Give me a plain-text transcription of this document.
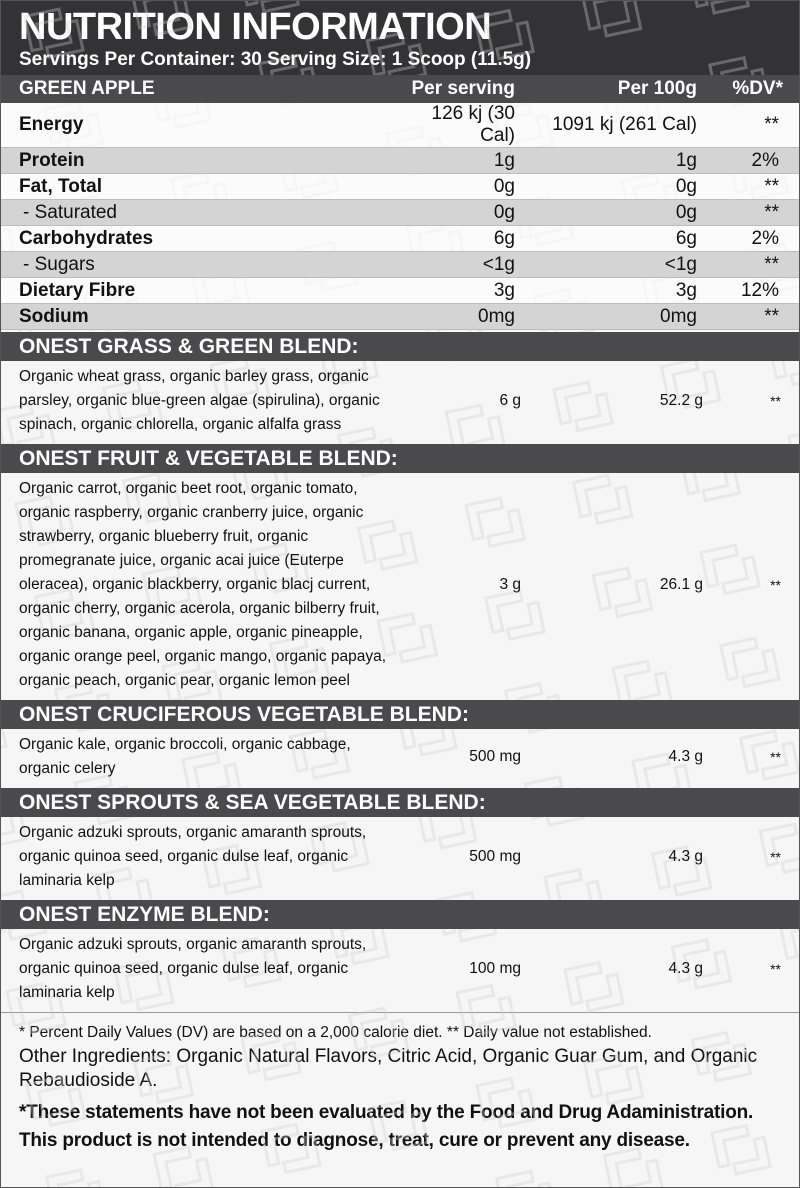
NUTRITION INFORMATION
Servings Per Container: 30 Serving Size: 1 Scoop (11.5g)
GREEN APPLE	Per serving	Per 100g	%DV*
Energy	126 kj (30 Cal)	1091 kj (261 Cal)	**
Protein	1g	1g	2%
Fat, Total	0g	0g	**
- Saturated	0g	0g	**
Carbohydrates	6g	6g	2%
- Sugars	<1g	<1g	**
Dietary Fibre	3g	3g	12%
Sodium	0mg	0mg	**
ONEST GRASS & GREEN BLEND:
Organic wheat grass, organic barley grass, organic parsley, organic blue-green algae (spirulina), organic spinach, organic chlorella, organic alfalfa grass
6 g	52.2 g	**
ONEST FRUIT & VEGETABLE BLEND:
Organic carrot, organic beet root, organic tomato, organic raspberry, organic cranberry juice, organic strawberry, organic blueberry fruit, organic promegranate juice, organic acai juice (Euterpe oleracea), organic blackberry, organic blacj current, organic cherry, organic acerola, organic bilberry fruit, organic banana, organic apple, organic pineapple, organic orange peel, organic mango, organic papaya, organic peach, organic pear, organic lemon peel
3 g	26.1 g	**
ONEST CRUCIFEROUS VEGETABLE BLEND:
Organic kale, organic broccoli, organic cabbage, organic celery
500 mg	4.3 g	**
ONEST SPROUTS & SEA VEGETABLE BLEND:
Organic adzuki sprouts, organic amaranth sprouts, organic quinoa seed, organic dulse leaf, organic laminaria kelp
500 mg	4.3 g	**
ONEST ENZYME BLEND:
Organic adzuki sprouts, organic amaranth sprouts, organic quinoa seed, organic dulse leaf, organic laminaria kelp
100 mg	4.3 g	**
* Percent Daily Values (DV) are based on a 2,000 calorie diet. ** Daily value not established.
Other Ingredients: Organic Natural Flavors, Citric Acid, Organic Guar Gum, and Organic Rebaudioside A.
*These statements have not been evaluated by the Food and Drug Adaministration.
This product is not intended to diagnose, treat, cure or prevent any disease.
